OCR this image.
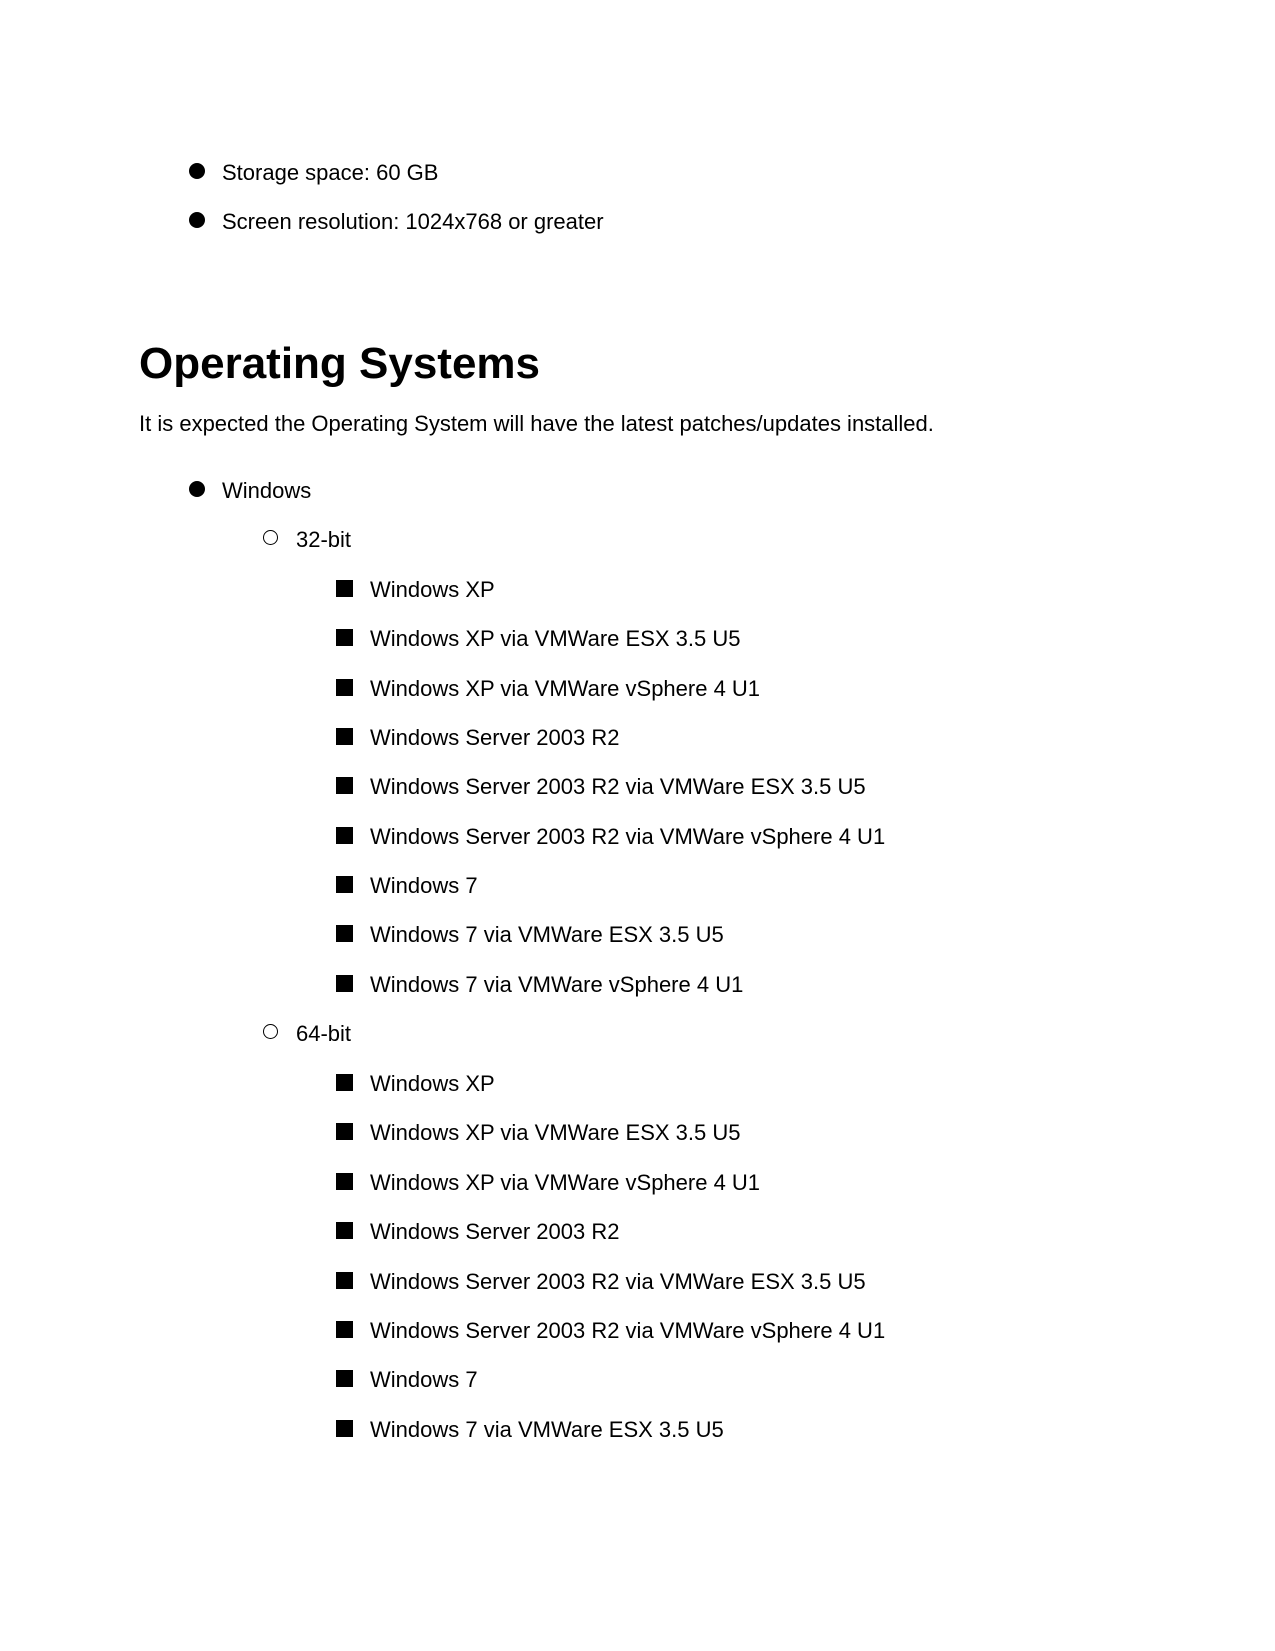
Storage space: 60 GB
Screen resolution: 1024x768 or greater
Operating Systems
It is expected the Operating System will have the latest patches/updates installed.
Windows
32-bit
Windows XP
Windows XP via VMWare ESX 3.5 U5
Windows XP via VMWare vSphere 4 U1
Windows Server 2003 R2
Windows Server 2003 R2 via VMWare ESX 3.5 U5
Windows Server 2003 R2 via VMWare vSphere 4 U1
Windows 7
Windows 7 via VMWare ESX 3.5 U5
Windows 7 via VMWare vSphere 4 U1
64-bit
Windows XP
Windows XP via VMWare ESX 3.5 U5
Windows XP via VMWare vSphere 4 U1
Windows Server 2003 R2
Windows Server 2003 R2 via VMWare ESX 3.5 U5
Windows Server 2003 R2 via VMWare vSphere 4 U1
Windows 7
Windows 7 via VMWare ESX 3.5 U5
